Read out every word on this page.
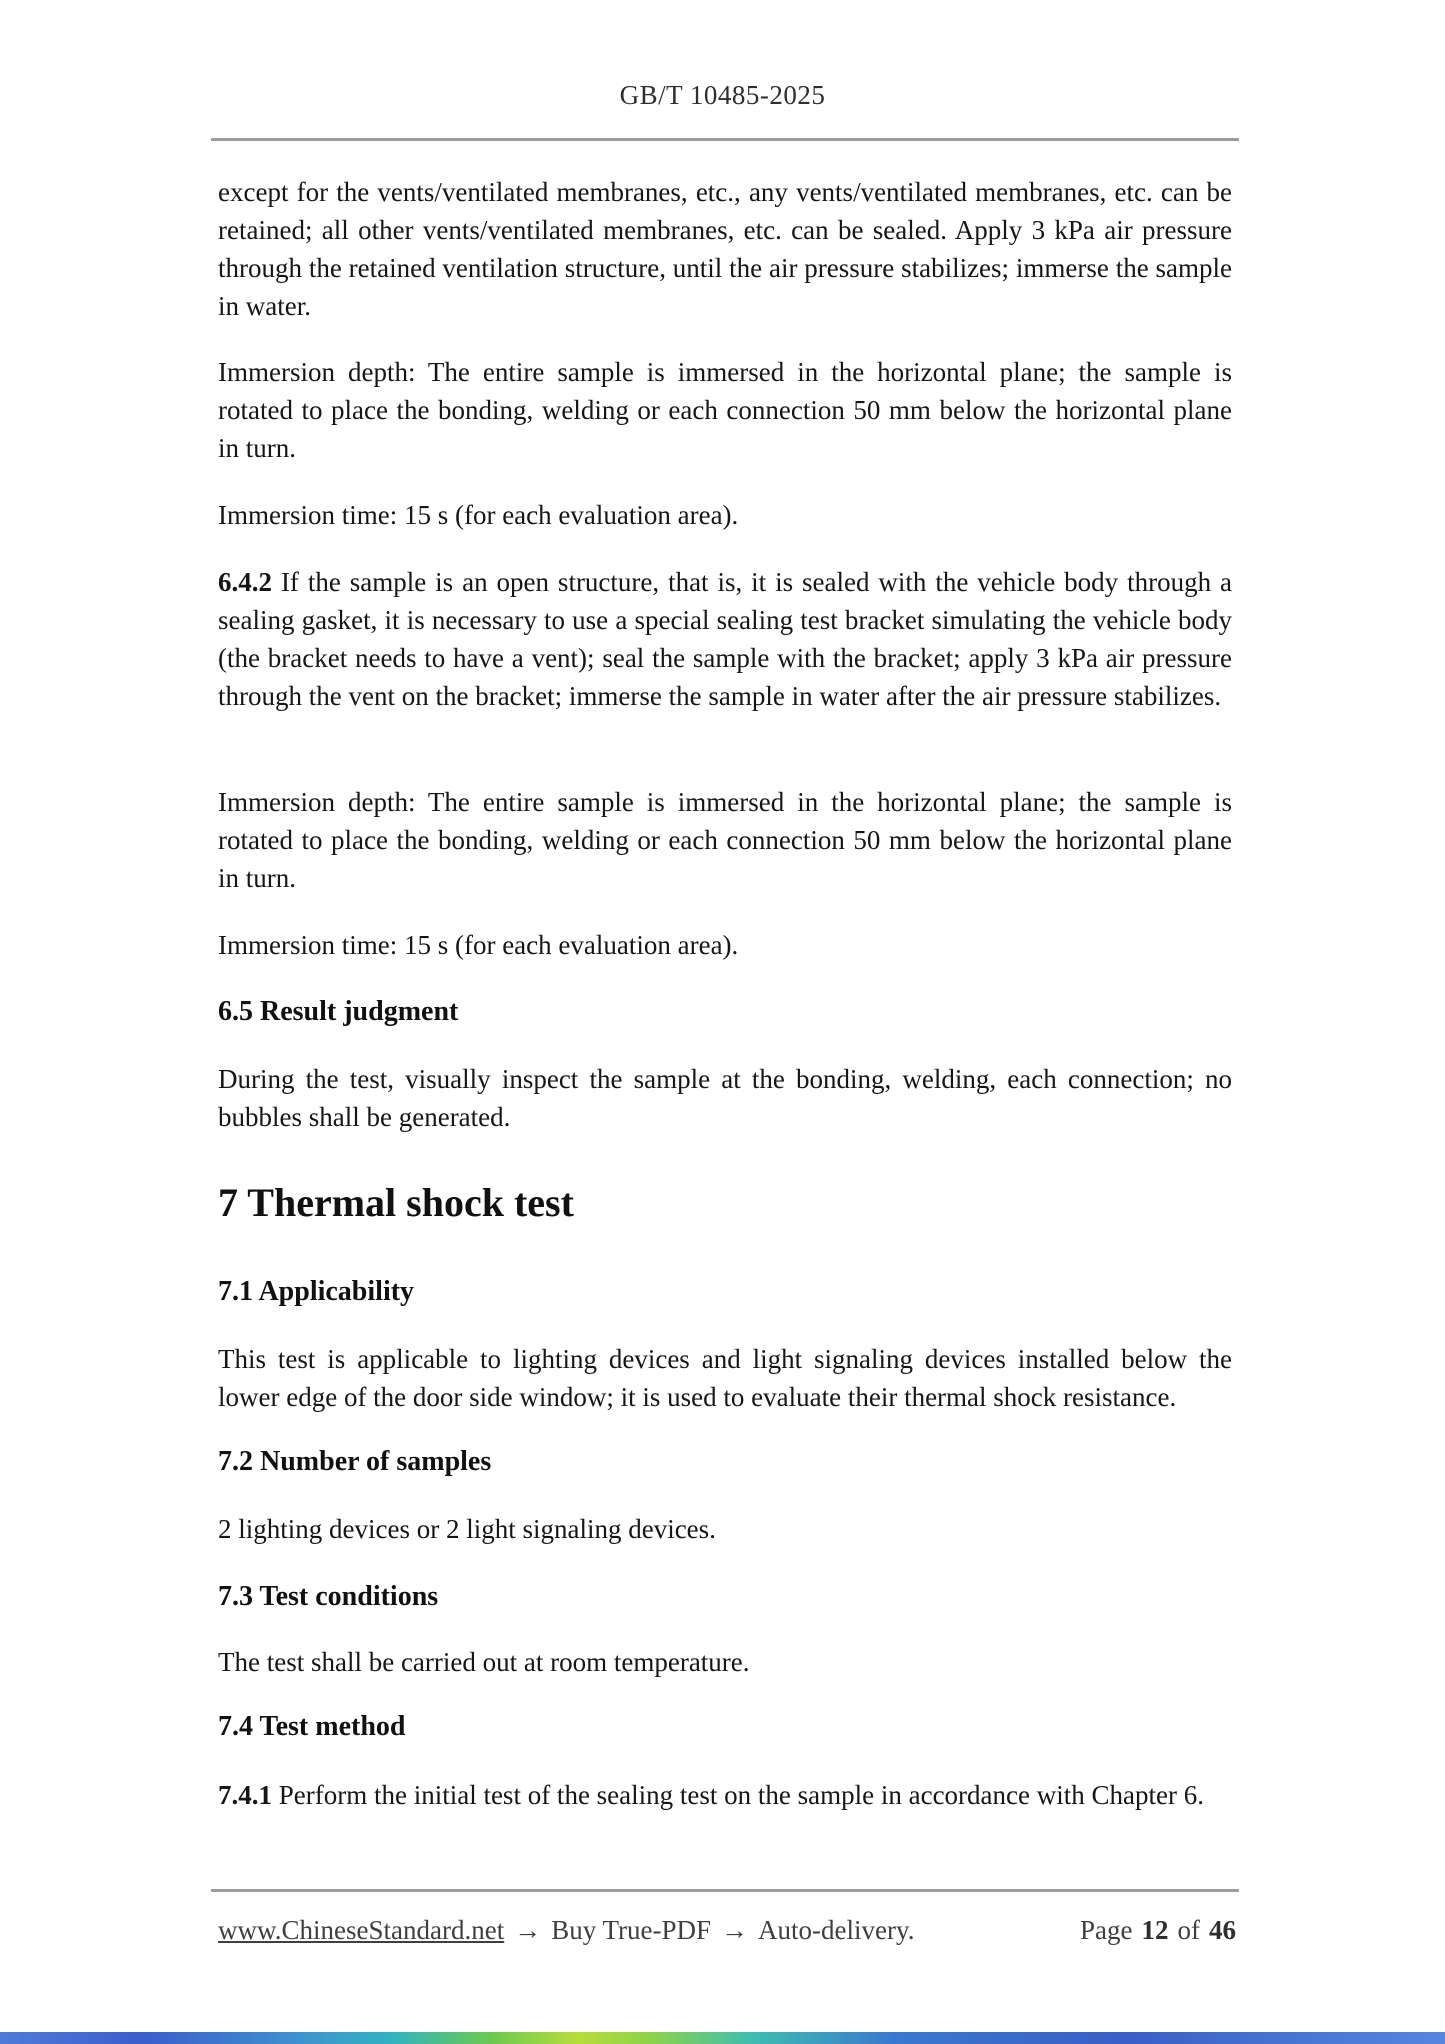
GB/T 10485-2025
except for the vents/ventilated membranes, etc., any vents/ventilated membranes, etc. can be retained; all other vents/ventilated membranes, etc. can be sealed. Apply 3 kPa air pressure through the retained ventilation structure, until the air pressure stabilizes; immerse the sample in water.
Immersion depth: The entire sample is immersed in the horizontal plane; the sample is rotated to place the bonding, welding or each connection 50 mm below the horizontal plane in turn.
Immersion time: 15 s (for each evaluation area).
6.4.2 If the sample is an open structure, that is, it is sealed with the vehicle body through a sealing gasket, it is necessary to use a special sealing test bracket simulating the vehicle body (the bracket needs to have a vent); seal the sample with the bracket; apply 3 kPa air pressure through the vent on the bracket; immerse the sample in water after the air pressure stabilizes.
Immersion depth: The entire sample is immersed in the horizontal plane; the sample is rotated to place the bonding, welding or each connection 50 mm below the horizontal plane in turn.
Immersion time: 15 s (for each evaluation area).
6.5 Result judgment
During the test, visually inspect the sample at the bonding, welding, each connection; no bubbles shall be generated.
7 Thermal shock test
7.1 Applicability
This test is applicable to lighting devices and light signaling devices installed below the lower edge of the door side window; it is used to evaluate their thermal shock resistance.
7.2 Number of samples
2 lighting devices or 2 light signaling devices.
7.3 Test conditions
The test shall be carried out at room temperature.
7.4 Test method
7.4.1 Perform the initial test of the sealing test on the sample in accordance with Chapter 6.
www.ChineseStandard.net → Buy True-PDF → Auto-delivery.	Page 12 of 46
